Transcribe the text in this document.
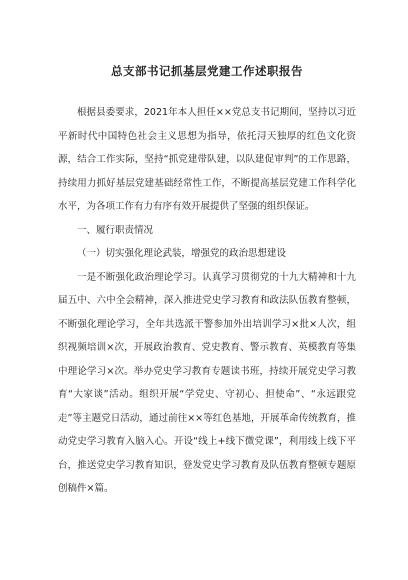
总支部书记抓基层党建工作述职报告

根据县委要求，2021年本人担任××党总支书记期间，坚持以习近平新时代中国特色社会主义思想为指导，依托浔天独厚的红色文化资源，结合工作实际，坚持“抓党建带队建，以队建促审判”的工作思路，持续用力抓好基层党建基础经常性工作，不断提高基层党建工作科学化水平，为各项工作有力有序有效开展提供了坚强的组织保证。

一、履行职责情况

（一）切实强化理论武装，增强党的政治思想建设

一是不断强化政治理论学习。认真学习贯彻党的十九大精神和十九届五中、六中全会精神，深入推进党史学习教育和政法队伍教育整顿，不断强化理论学习，全年共选派干警参加外出培训学习×批×人次，组织视频培训×次，开展政治教育、党史教育、警示教育、英模教育等集中理论学习×次。举办党史学习教育专题读书班，持续开展党史学习教育“大家谈”活动。组织开展“学党史、守初心、担使命”、“永远跟党走”等主题党日活动，通过前往××等红色基地，开展革命传统教育，推动党史学习教育入脑入心。开设“线上+线下微党课”，利用线上线下平台，推送党史学习教育知识，登发党史学习教育及队伍教育整顿专题原创稿件×篇。
